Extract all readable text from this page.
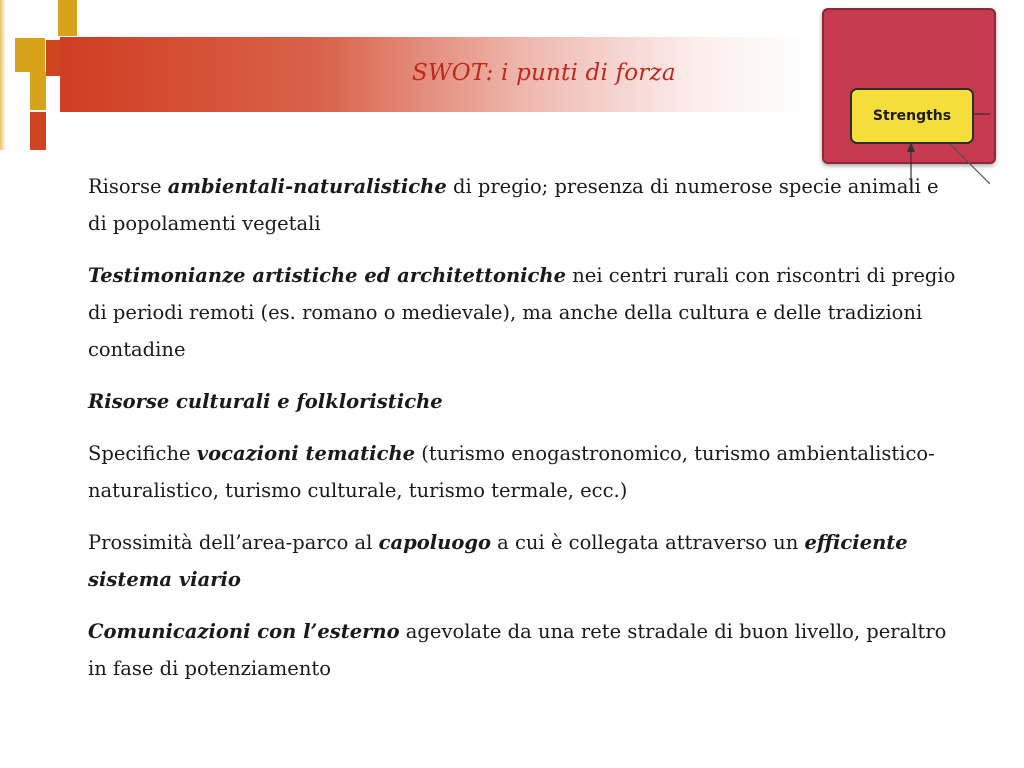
SWOT: i punti di forza
Strengths

Risorse ambientali-naturalistiche di pregio; presenza di numerose specie animali e di popolamenti vegetali

Testimonianze artistiche ed architettoniche nei centri rurali con riscontri di pregio di periodi remoti (es. romano o medievale), ma anche della cultura e delle tradizioni contadine

Risorse culturali e folkloristiche

Specifiche vocazioni tematiche (turismo enogastronomico, turismo ambientalistico-naturalistico, turismo culturale, turismo termale, ecc.)

Prossimità dell’area-parco al capoluogo a cui è collegata attraverso un efficiente sistema viario

Comunicazioni con l’esterno agevolate da una rete stradale di buon livello, peraltro in fase di potenziamento
